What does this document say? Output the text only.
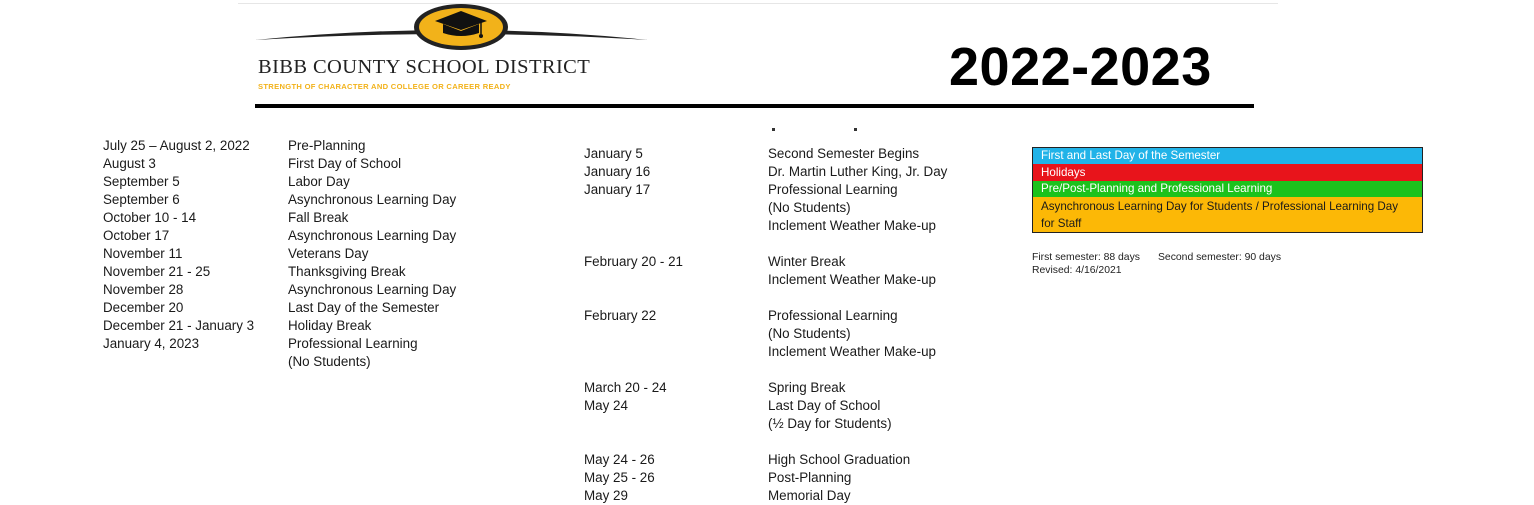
BIBB COUNTY SCHOOL DISTRICT
STRENGTH OF CHARACTER AND COLLEGE OR CAREER READY	2022-2023
July 25 – August 2, 2022	Pre-Planning
August 3	First Day of School
September 5	Labor Day
September 6	Asynchronous Learning Day
October 10 - 14	Fall Break
October 17	Asynchronous Learning Day
November 11	Veterans Day
November 21 - 25	Thanksgiving Break
November 28	Asynchronous Learning Day
December 20	Last Day of the Semester
December 21 - January 3	Holiday Break
January 4, 2023	Professional Learning
(No Students)
January 5	Second Semester Begins
January 16	Dr. Martin Luther King, Jr. Day
January 17	Professional Learning
(No Students)
Inclement Weather Make-up
February 20 - 21	Winter Break
Inclement Weather Make-up
February 22	Professional Learning
(No Students)
Inclement Weather Make-up
March 20 - 24	Spring Break
May 24	Last Day of School
(½ Day for Students)
May 24 - 26	High School Graduation
May 25 - 26	Post-Planning
May 29	Memorial Day
First and Last Day of the Semester
Holidays
Pre/Post-Planning and Professional Learning
Asynchronous Learning Day for Students / Professional Learning Day for Staff
First semester: 88 days Second semester: 90 days
Revised: 4/16/2021
